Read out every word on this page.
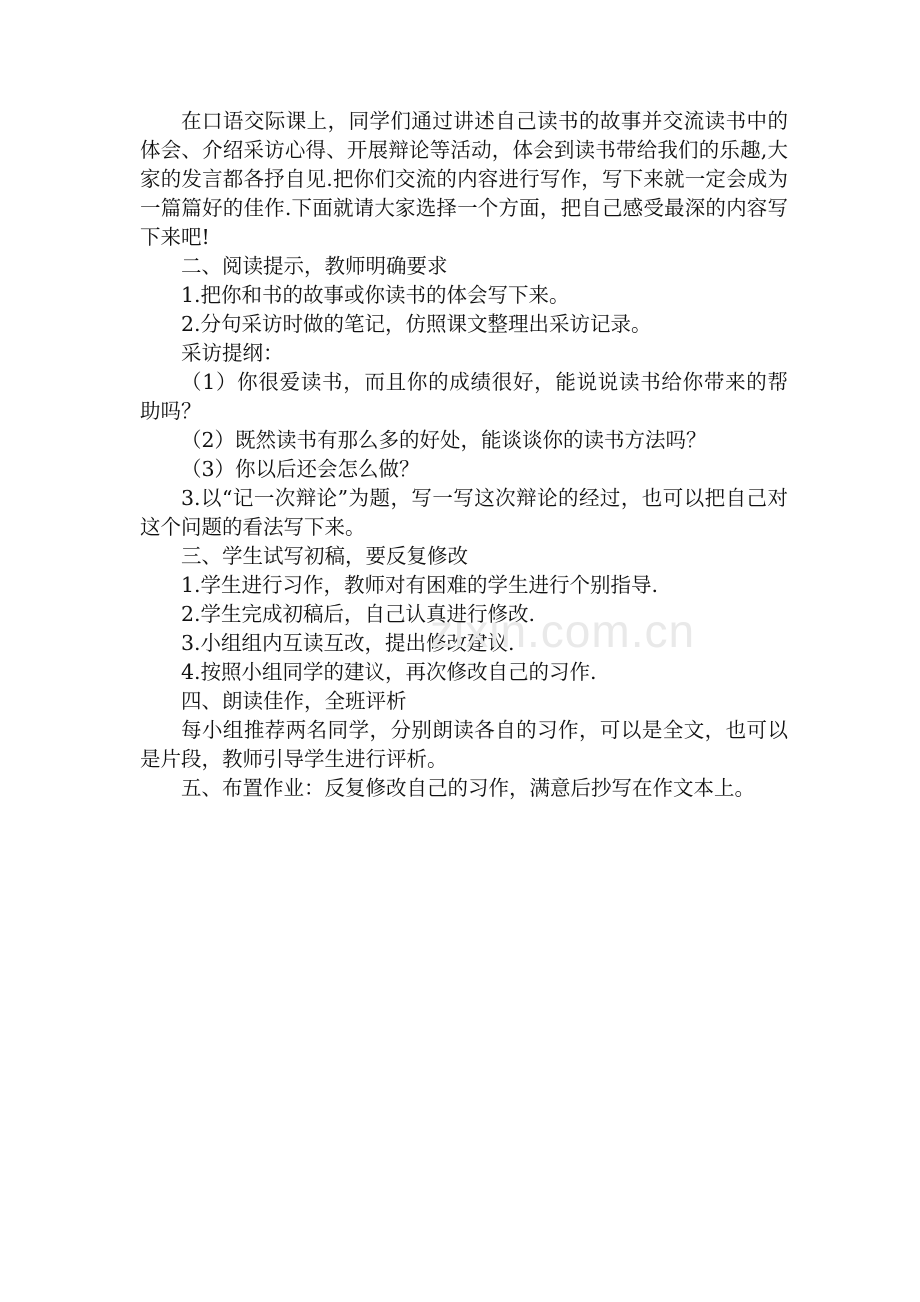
在口语交际课上，同学们通过讲述自己读书的故事并交流读书中的体会、介绍采访心得、开展辩论等活动，体会到读书带给我们的乐趣,大家的发言都各抒自见.把你们交流的内容进行写作，写下来就一定会成为一篇篇好的佳作.下面就请大家选择一个方面，把自己感受最深的内容写下来吧!

二、阅读提示，教师明确要求

1.把你和书的故事或你读书的体会写下来。

2.分句采访时做的笔记，仿照课文整理出采访记录。

采访提纲：

（1）你很爱读书，而且你的成绩很好，能说说读书给你带来的帮助吗？

（2）既然读书有那么多的好处，能谈谈你的读书方法吗？

（3）你以后还会怎么做？

3.以“记一次辩论”为题，写一写这次辩论的经过，也可以把自己对这个问题的看法写下来。

三、学生试写初稿，要反复修改

1.学生进行习作，教师对有困难的学生进行个别指导.

2.学生完成初稿后，自己认真进行修改.

3.小组组内互读互改，提出修改建议.

4.按照小组同学的建议，再次修改自己的习作.

四、朗读佳作，全班评析

每小组推荐两名同学，分别朗读各自的习作，可以是全文，也可以是片段，教师引导学生进行评析。

五、布置作业：反复修改自己的习作，满意后抄写在作文本上。

zixin.com.cn
